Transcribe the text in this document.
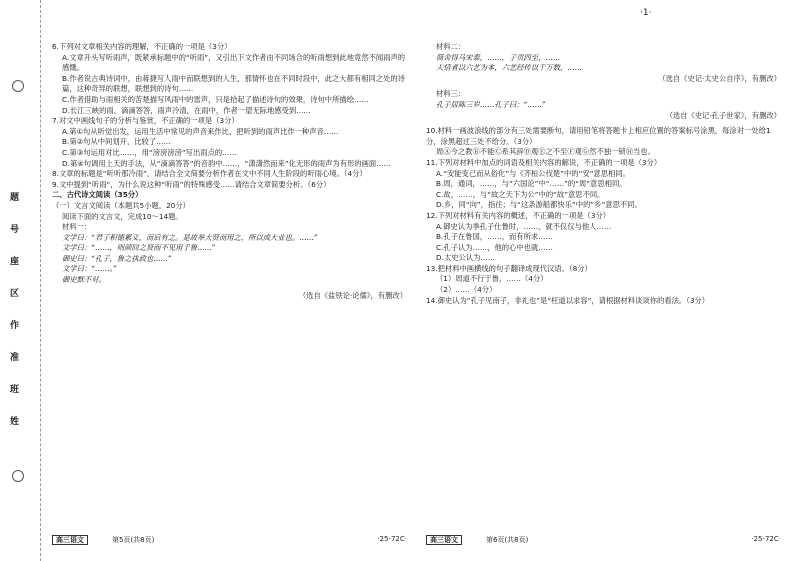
题
号
座
区
作
准
班
姓
·1·

6.下列对文章相关内容的理解，不正确的一项是（3分）

A.文章开头写听雨声，既紧承标题中的“听雨”，又引出下文作者由不同场合的听雨想到此地竟然不闻雨声的感慨。

B.作者说古典诗词中，由蒋捷写人雨中而联想到的人生，那情怀也在不同时段中，此之大都有相同之处的诗篇，这种奇异的联想，联想到的诗句……

C.作者借助与雨相关的苦楚描写风雨中的雷声，只是拾起了描述诗句的效果，诗句中所描绘……

D.长江三峡的雨，滴滴答答，雨声冷清，在雨中，作者一望无际地感受到……

7.对文中画线句子的分析与鉴赏，不正确的一项是（3分）

A.第①句从听觉出发，运用生活中常见的声音来作比，把听到的雨声比作一种声音……

B.第②句从中间划开，比较了……

C.第③句运用对比……，用“滂滂滂滂”写出雨点的……

D.第④句调用上天的手法，从“滴滴答答”的音韵中……，“潇潇然而来”化无形的雨声为有形的画面……

8.文章的标题是“听听那冷雨”，请结合全文简要分析作者在文中不同人生阶段的听雨心境。（4分）

9.文中提到“听雨”，为什么说这种“听雨”的特殊感受……请结合文章简要分析。（6分）

二、古代诗文阅读（35分）

（一）文言文阅读（本题共5小题，20分）

阅读下面的文言文，完成10～14题。

材料一：

文学曰：“君子积德累义，而后有之。是故举大贤而用之，所以成大业也。……”

文学曰：“……，则颜回之贤而不见用于鲁……”

御史曰：“孔子，鲁之执政也……”

文学曰：“……。”

御史默不对。

（选自《盐铁论·论儒》，有删改）

材料二：

简舍得马宋泰，……，子贡四至，……

夫情者以六艺为本，六艺经传以千万数，……

（选自《史记·太史公自序》，有删改）

材料三：

孔子居陈三岁……孔子曰：“……”

（选自《史记·孔子世家》，有删改）

10.材料一画波浪线的部分有三处需要断句，请用铅笔将答题卡上相应位置的答案标号涂黑，每涂对一处给1分，涂黑超过三处不给分。（3分）

周Ⓐ今之教Ⓑ不能Ⓒ系其辞Ⓓ观Ⓔ之不至Ⓕ观Ⓖ然不独一锁Ⓗ当也。

11.下列对材料中加点的词语及相关内容的解说，不正确的一项是（3分）

A.“安能变己而从俗化”与《齐桓公伐楚”中的“安”意思相同。

B.周，通词，……，与“六国论”中“……”的“周”意思相同。

C.故，……，与“故之天下为公”中的“故”意思不同。

D.乡，同“向”，指往；与“这条游船都快乐”中的“乡”意思不同。

12.下列对材料有关内容的概述，不正确的一项是（3分）

A.御史认为季孔子仕鲁时，……，就不仅仅与他人……

B.孔子在鲁国，……，而有所求……

C.孔子认为……，他的心中也就……

D.太史公认为……

13.把材料中画横线的句子翻译成现代汉语。（8分）

（1）周道不行于鲁，……（4分）

（2）……（4分）

14.御史认为“孔子见南子，非礼也”是“枉道以求容”，请根据材料谈谈你的看法。（3分）

高三语文	第5页(共8页)	·25-72C·	高三语文	第6页(共8页)	·25-72C·
